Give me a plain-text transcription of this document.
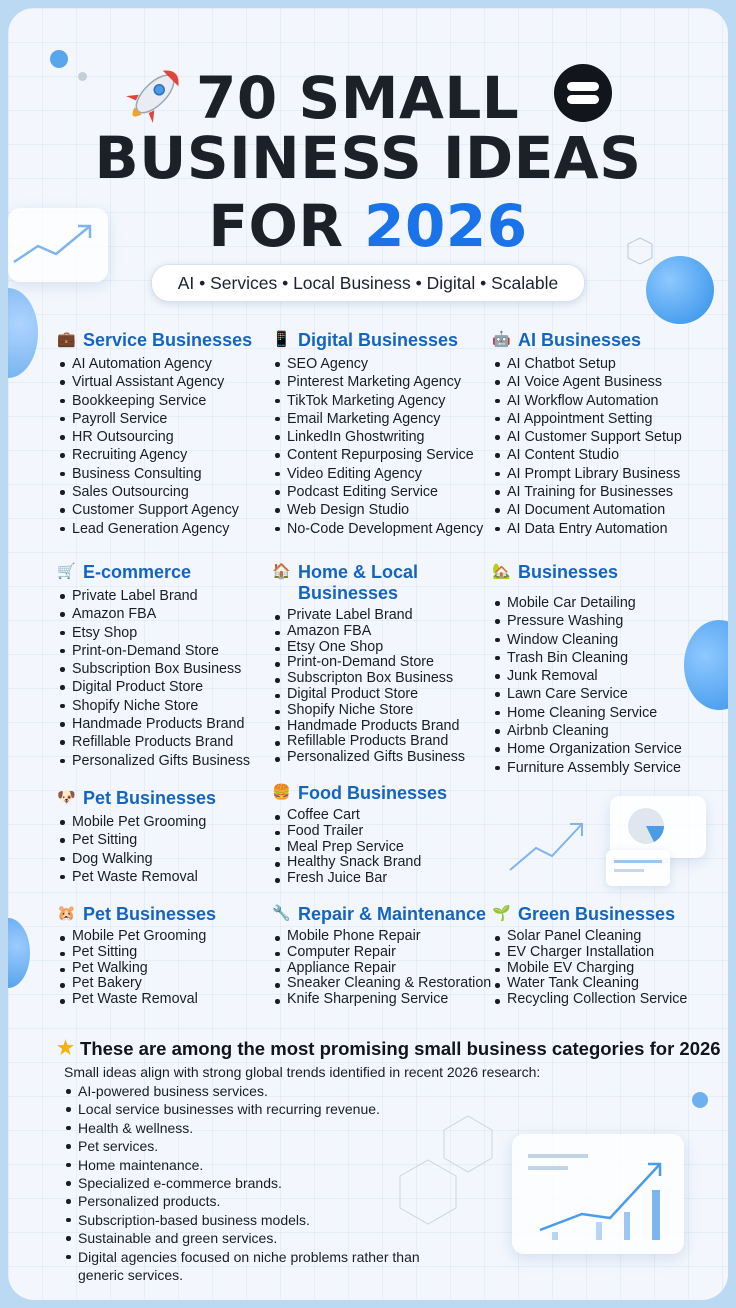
70 SMALL
BUSINESS IDEAS
FOR 2026
AI • Services • Local Business • Digital • Scalable
💼 Service Businesses
AI Automation Agency
Virtual Assistant Agency
Bookkeeping Service
Payroll Service
HR Outsourcing
Recruiting Agency
Business Consulting
Sales Outsourcing
Customer Support Agency
Lead Generation Agency
📱 Digital Businesses
SEO Agency
Pinterest Marketing Agency
TikTok Marketing Agency
Email Marketing Agency
LinkedIn Ghostwriting
Content Repurposing Service
Video Editing Agency
Podcast Editing Service
Web Design Studio
No-Code Development Agency
🤖 AI Businesses
AI Chatbot Setup
AI Voice Agent Business
AI Workflow Automation
AI Appointment Setting
AI Customer Support Setup
AI Content Studio
AI Prompt Library Business
AI Training for Businesses
AI Document Automation
AI Data Entry Automation
🛒 E-commerce
Private Label Brand
Amazon FBA
Etsy Shop
Print-on-Demand Store
Subscription Box Business
Digital Product Store
Shopify Niche Store
Handmade Products Brand
Refillable Products Brand
Personalized Gifts Business
🏠 Home & Local
Businesses
Private Label Brand
Amazon FBA
Etsy One Shop
Print-on-Demand Store
Subscripton Box Business
Digital Product Store
Shopify Niche Store
Handmade Products Brand
Refillable Products Brand
Personalized Gifts Business
🏡 Businesses
Mobile Car Detailing
Pressure Washing
Window Cleaning
Trash Bin Cleaning
Junk Removal
Lawn Care Service
Home Cleaning Service
Airbnb Cleaning
Home Organization Service
Furniture Assembly Service
🐶 Pet Businesses
Mobile Pet Grooming
Pet Sitting
Dog Walking
Pet Waste Removal
🍔 Food Businesses
Coffee Cart
Food Trailer
Meal Prep Service
Healthy Snack Brand
Fresh Juice Bar
🐹 Pet Businesses
Mobile Pet Grooming
Pet Sitting
Pet Walking
Pet Bakery
Pet Waste Removal
🔧 Repair & Maintenance
Mobile Phone Repair
Computer Repair
Appliance Repair
Sneaker Cleaning & Restoration
Knife Sharpening Service
🌱 Green Businesses
Solar Panel Cleaning
EV Charger Installation
Mobile EV Charging
Water Tank Cleaning
Recycling Collection Service
★ These are among the most promising small business categories for 2026
Small ideas align with strong global trends identified in recent 2026 research:
AI-powered business services.
Local service businesses with recurring revenue.
Health & wellness.
Pet services.
Home maintenance.
Specialized e-commerce brands.
Personalized products.
Subscription-based business models.
Sustainable and green services.
Digital agencies focused on niche problems rather than generic services.
